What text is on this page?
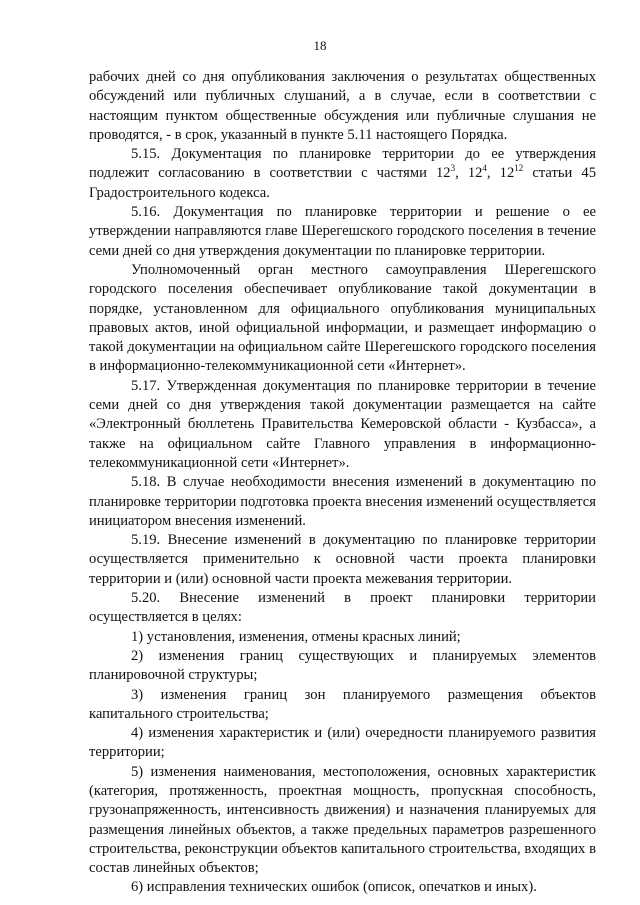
18

рабочих дней со дня опубликования заключения о результатах общественных обсуждений или публичных слушаний, а в случае, если в соответствии с настоящим пунктом общественные обсуждения или публичные слушания не проводятся, - в срок, указанный в пункте 5.11 настоящего Порядка.

5.15. Документация по планировке территории до ее утверждения подлежит согласованию в соответствии с частями $12^3$, $12^4$, $12^{12}$ статьи 45 Градостроительного кодекса.

5.16. Документация по планировке территории и решение о ее утверждении направляются главе Шерегешского городского поселения в течение семи дней со дня утверждения документации по планировке территории.

Уполномоченный орган местного самоуправления Шерегешского городского поселения обеспечивает опубликование такой документации в порядке, установленном для официального опубликования муниципальных правовых актов, иной официальной информации, и размещает информацию о такой документации на официальном сайте Шерегешского городского поселения в информационно-телекоммуникационной сети «Интернет».

5.17. Утвержденная документация по планировке территории в течение семи дней со дня утверждения такой документации размещается на сайте «Электронный бюллетень Правительства Кемеровской области - Кузбасса», а также на официальном сайте Главного управления в информационно-телекоммуникационной сети «Интернет».

5.18. В случае необходимости внесения изменений в документацию по планировке территории подготовка проекта внесения изменений осуществляется инициатором внесения изменений.

5.19. Внесение изменений в документацию по планировке территории осуществляется применительно к основной части проекта планировки территории и (или) основной части проекта межевания территории.

5.20. Внесение изменений в проект планировки территории осуществляется в целях:

1) установления, изменения, отмены красных линий;

2) изменения границ существующих и планируемых элементов планировочной структуры;

3) изменения границ зон планируемого размещения объектов капитального строительства;

4) изменения характеристик и (или) очередности планируемого развития территории;

5) изменения наименования, местоположения, основных характеристик (категория, протяженность, проектная мощность, пропускная способность, грузонапряженность, интенсивность движения) и назначения планируемых для размещения линейных объектов, а также предельных параметров разрешенного строительства, реконструкции объектов капитального строительства, входящих в состав линейных объектов;

6) исправления технических ошибок (описок, опечатков и иных).
